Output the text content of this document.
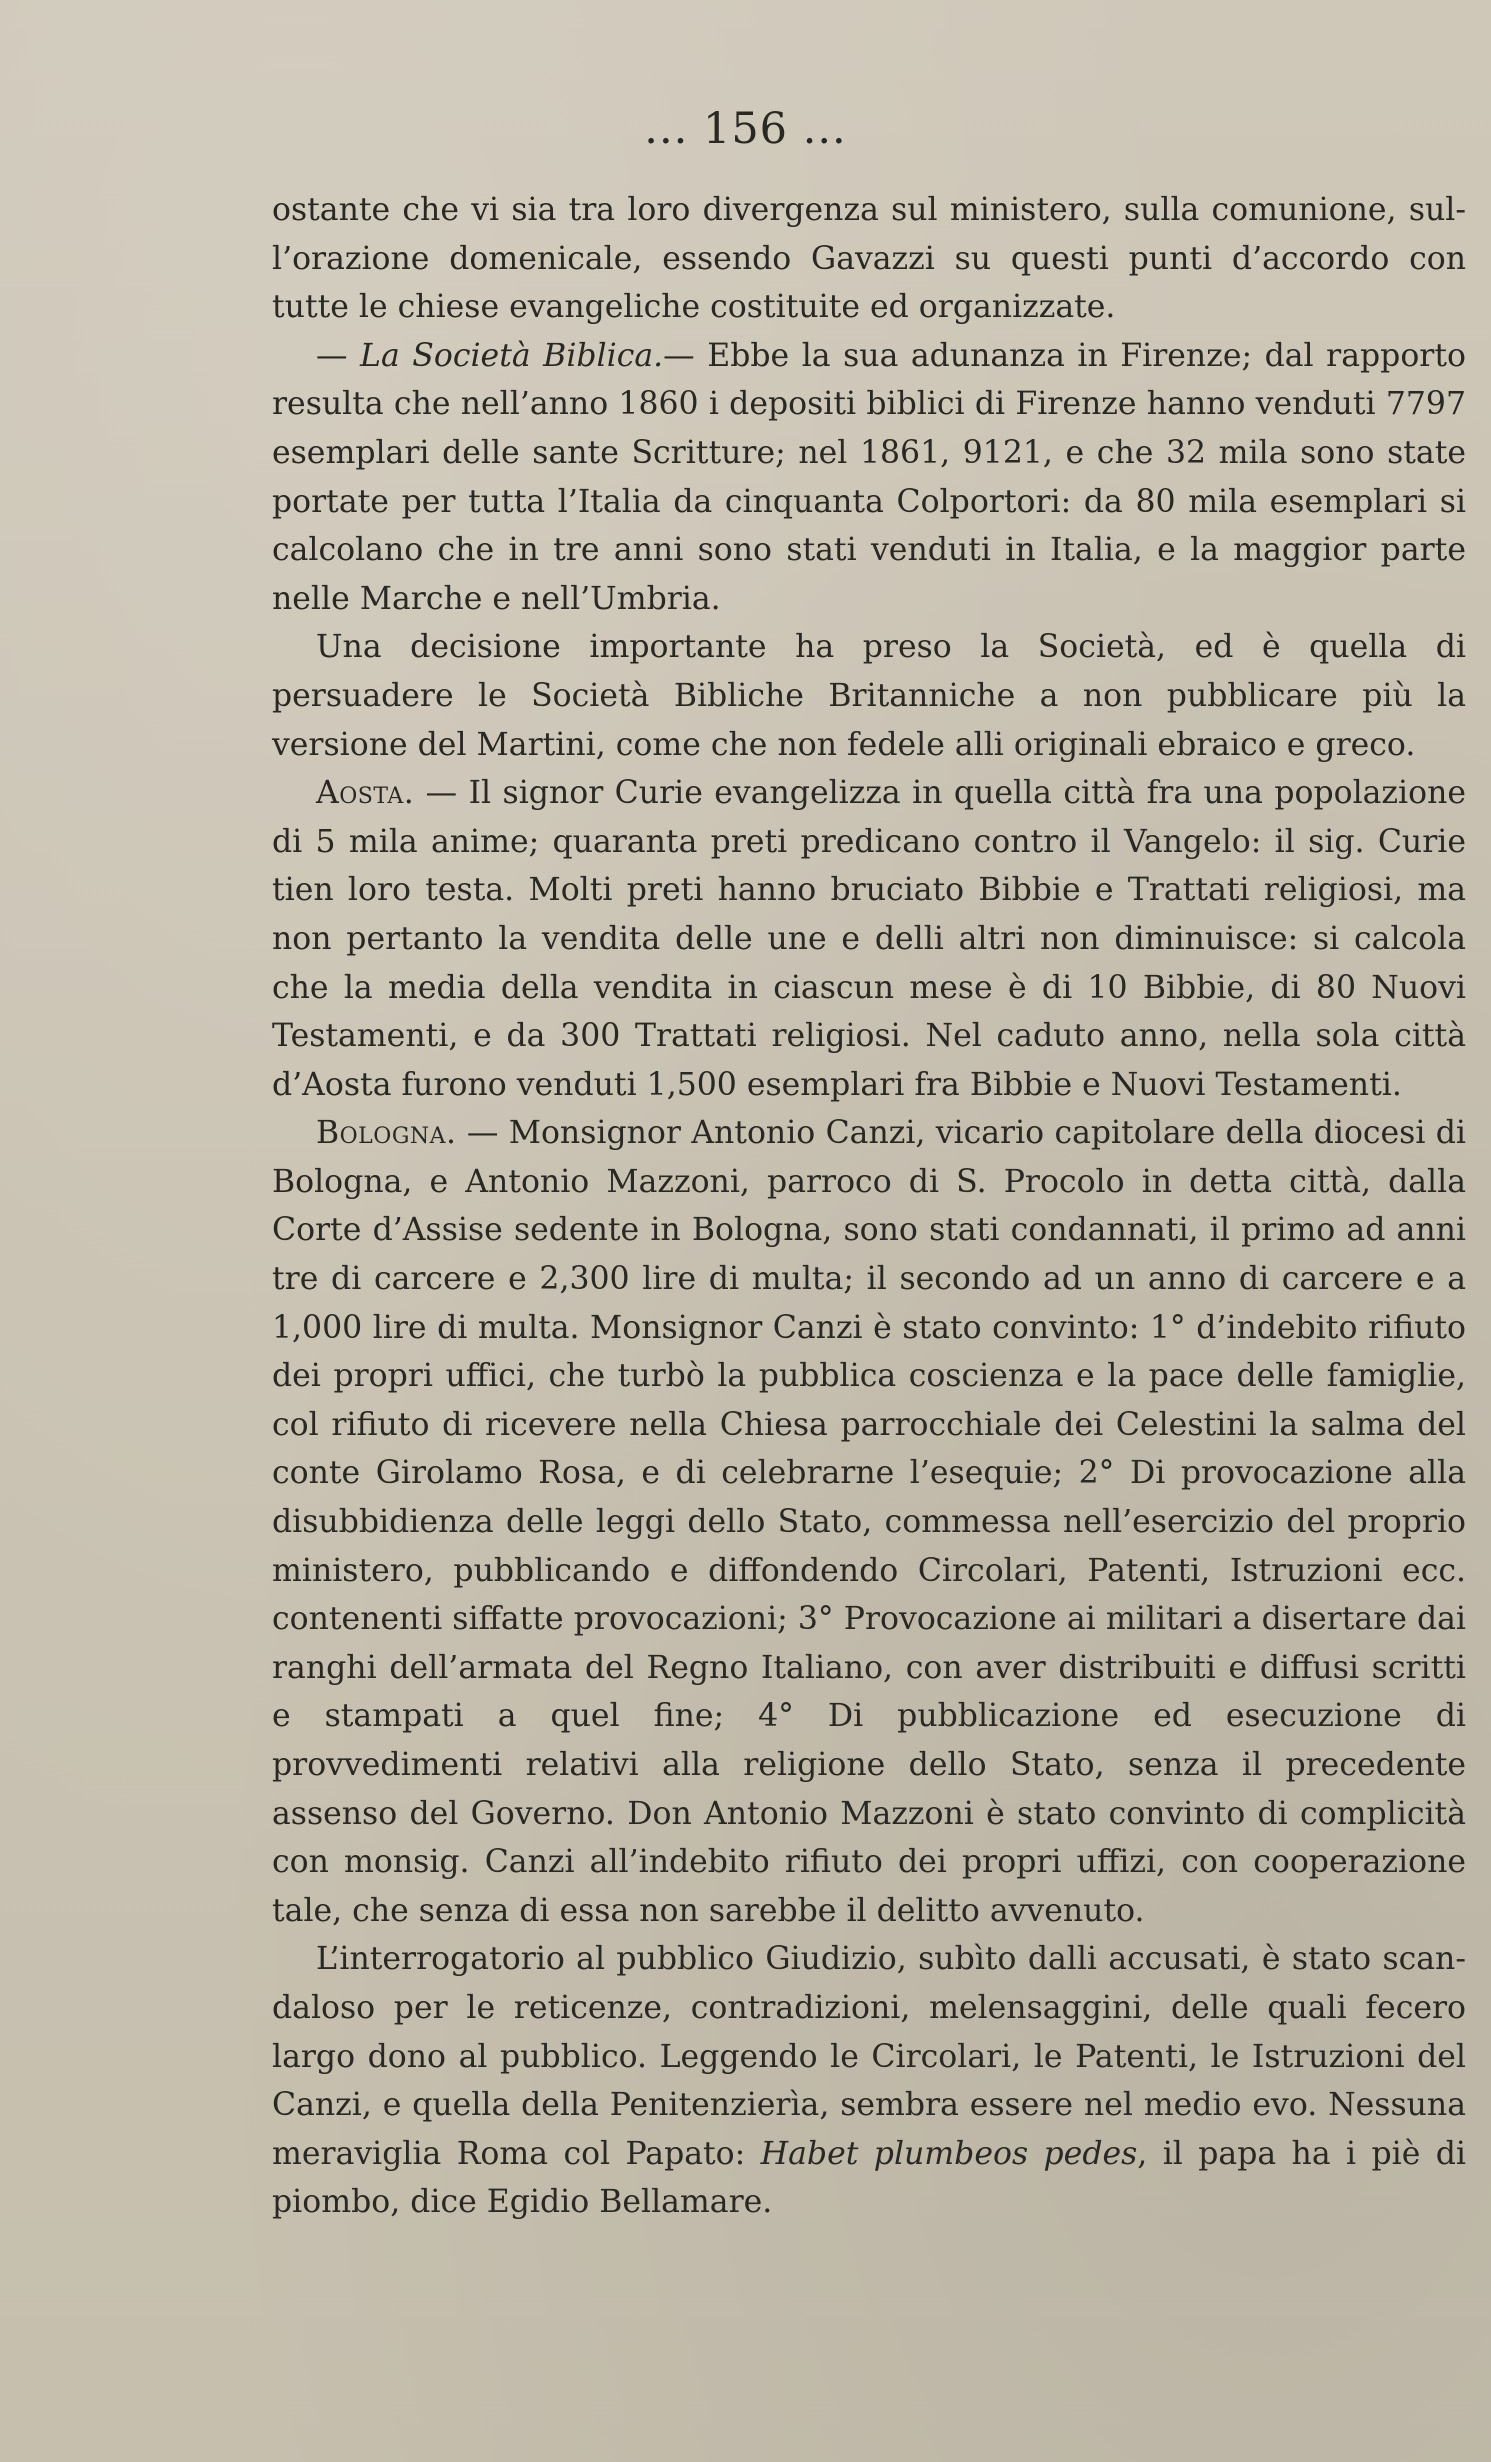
... 156 ...

ostante che vi sia tra loro divergenza sul ministero, sulla comunione, sull’orazione domenicale, essendo Gavazzi su questi punti d’accordo con tutte le chiese evangeliche costituite ed organizzate.

— La Società Biblica.— Ebbe la sua adunanza in Firenze; dal rapporto resulta che nell’anno 1860 i depositi biblici di Firenze hanno venduti 7797 esemplari delle sante Scritture; nel 1861, 9121, e che 32 mila sono state portate per tutta l’Italia da cinquanta Colportori: da 80 mila esemplari si calcolano che in tre anni sono stati venduti in Italia, e la maggior parte nelle Marche e nell’Umbria.

Una decisione importante ha preso la Società, ed è quella di persuadere le Società Bibliche Britanniche a non pubblicare più la versione del Martini, come che non fedele alli originali ebraico e greco.

Aosta. — Il signor Curie evangelizza in quella città fra una popolazione di 5 mila anime; quaranta preti predicano contro il Vangelo: il sig. Curie tien loro testa. Molti preti hanno bruciato Bibbie e Trattati religiosi, ma non pertanto la vendita delle une e delli altri non diminuisce: si calcola che la media della vendita in ciascun mese è di 10 Bibbie, di 80 Nuovi Testamenti, e da 300 Trattati religiosi. Nel caduto anno, nella sola città d’Aosta furono venduti 1,500 esemplari fra Bibbie e Nuovi Testamenti.

Bologna. — Monsignor Antonio Canzi, vicario capitolare della diocesi di Bologna, e Antonio Mazzoni, parroco di S. Procolo in detta città, dalla Corte d’Assise sedente in Bologna, sono stati condannati, il primo ad anni tre di carcere e 2,300 lire di multa; il secondo ad un anno di carcere e a 1,000 lire di multa. Monsignor Canzi è stato convinto: 1° d’indebito rifiuto dei propri uffici, che turbò la pubblica coscienza e la pace delle famiglie, col rifiuto di ricevere nella Chiesa parrocchiale dei Celestini la salma del conte Girolamo Rosa, e di celebrarne l’esequie; 2° Di provocazione alla disubbidienza delle leggi dello Stato, commessa nell’esercizio del proprio ministero, pubblicando e diffondendo Circolari, Patenti, Istruzioni ecc. contenenti siffatte provocazioni; 3° Provocazione ai militari a disertare dai ranghi dell’armata del Regno Italiano, con aver distribuiti e diffusi scritti e stampati a quel fine; 4° Di pubblicazione ed esecuzione di provvedimenti relativi alla religione dello Stato, senza il precedente assenso del Governo. Don Antonio Mazzoni è stato convinto di complicità con monsig. Canzi all’indebito rifiuto dei propri uffizi, con cooperazione tale, che senza di essa non sarebbe il delitto avvenuto.

L’interrogatorio al pubblico Giudizio, subìto dalli accusati, è stato scandaloso per le reticenze, contradizioni, melensaggini, delle quali fecero largo dono al pubblico. Leggendo le Circolari, le Patenti, le Istruzioni del Canzi, e quella della Penitenzierìa, sembra essere nel medio evo. Nessuna meraviglia Roma col Papato: Habet plumbeos pedes, il papa ha i piè di piombo, dice Egidio Bellamare.
